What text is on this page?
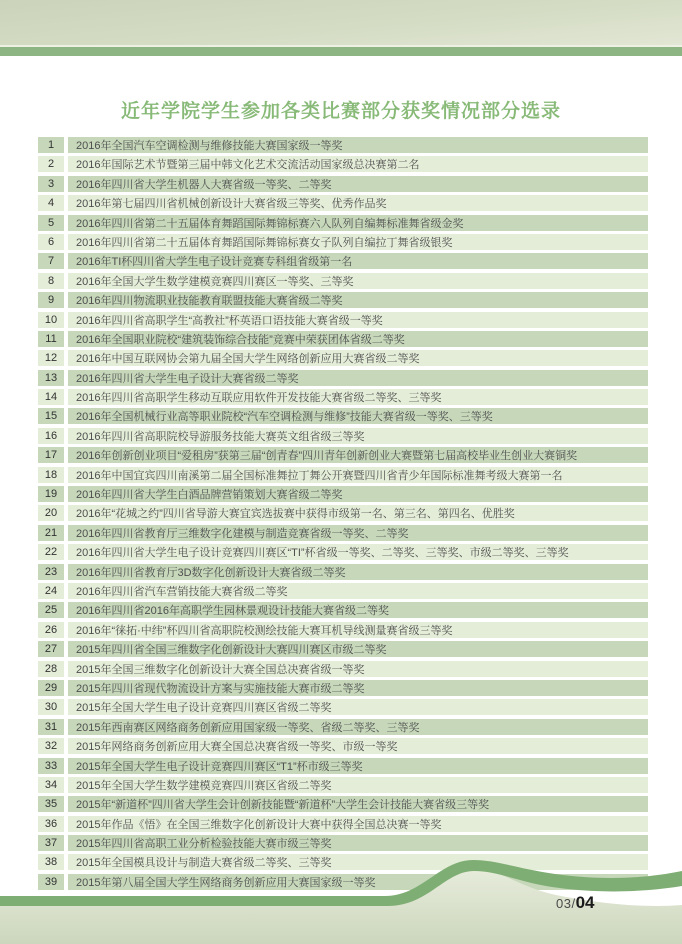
近年学院学生参加各类比赛部分获奖情况部分选录
1	2016年全国汽车空调检测与维修技能大赛国家级一等奖
2	2016年国际艺术节暨第三届中韩文化艺术交流活动国家级总决赛第二名
3	2016年四川省大学生机器人大赛省级一等奖、二等奖
4	2016年第七届四川省机械创新设计大赛省级三等奖、优秀作品奖
5	2016年四川省第二十五届体育舞蹈国际舞锦标赛六人队列自编舞标准舞省级金奖
6	2016年四川省第二十五届体育舞蹈国际舞锦标赛女子队列自编拉丁舞省级银奖
7	2016年TI杯四川省大学生电子设计竞赛专科组省级第一名
8	2016年全国大学生数学建模竞赛四川赛区一等奖、三等奖
9	2016年四川物流职业技能教育联盟技能大赛省级二等奖
10	2016年四川省高职学生“高教社”杯英语口语技能大赛省级一等奖
11	2016年全国职业院校“建筑装饰综合技能”竞赛中荣获团体省级二等奖
12	2016年中国互联网协会第九届全国大学生网络创新应用大赛省级二等奖
13	2016年四川省大学生电子设计大赛省级二等奖
14	2016年四川省高职学生移动互联应用软件开发技能大赛省级二等奖、三等奖
15	2016年全国机械行业高等职业院校“汽车空调检测与维修”技能大赛省级一等奖、三等奖
16	2016年四川省高职院校导游服务技能大赛英文组省级三等奖
17	2016年创新创业项目“爱租房”获第三届“创青春”四川青年创新创业大赛暨第七届高校毕业生创业大赛铜奖
18	2016年中国宜宾四川南溪第二届全国标准舞拉丁舞公开赛暨四川省青少年国际标准舞考级大赛第一名
19	2016年四川省大学生白酒品牌营销策划大赛省级二等奖
20	2016年“花城之约”四川省导游大赛宜宾选拔赛中获得市级第一名、第三名、第四名、优胜奖
21	2016年四川省教育厅三维数字化建模与制造竞赛省级一等奖、二等奖
22	2016年四川省大学生电子设计竞赛四川赛区“TI”杯省级一等奖、二等奖、三等奖、市级二等奖、三等奖
23	2016年四川省教育厅3D数字化创新设计大赛省级二等奖
24	2016年四川省汽车营销技能大赛省级二等奖
25	2016年四川省2016年高职学生园林景观设计技能大赛省级二等奖
26	2016年“徕拓·中纬”杯四川省高职院校测绘技能大赛耳机导线测量赛省级三等奖
27	2015年四川省全国三维数字化创新设计大赛四川赛区市级二等奖
28	2015年全国三维数字化创新设计大赛全国总决赛省级一等奖
29	2015年四川省现代物流设计方案与实施技能大赛市级二等奖
30	2015年全国大学生电子设计竞赛四川赛区省级二等奖
31	2015年西南赛区网络商务创新应用国家级一等奖、省级二等奖、三等奖
32	2015年网络商务创新应用大赛全国总决赛省级一等奖、市级一等奖
33	2015年全国大学生电子设计竞赛四川赛区“T1”杯市级三等奖
34	2015年全国大学生数学建模竞赛四川赛区省级二等奖
35	2015年“新道杯”四川省大学生会计创新技能暨“新道杯”大学生会计技能大赛省级三等奖
36	2015年作品《悟》在全国三维数字化创新设计大赛中获得全国总决赛一等奖
37	2015年四川省高职工业分析检验技能大赛市级三等奖
38	2015年全国模具设计与制造大赛省级二等奖、三等奖
39	2015年第八届全国大学生网络商务创新应用大赛国家级一等奖
03/ 04
